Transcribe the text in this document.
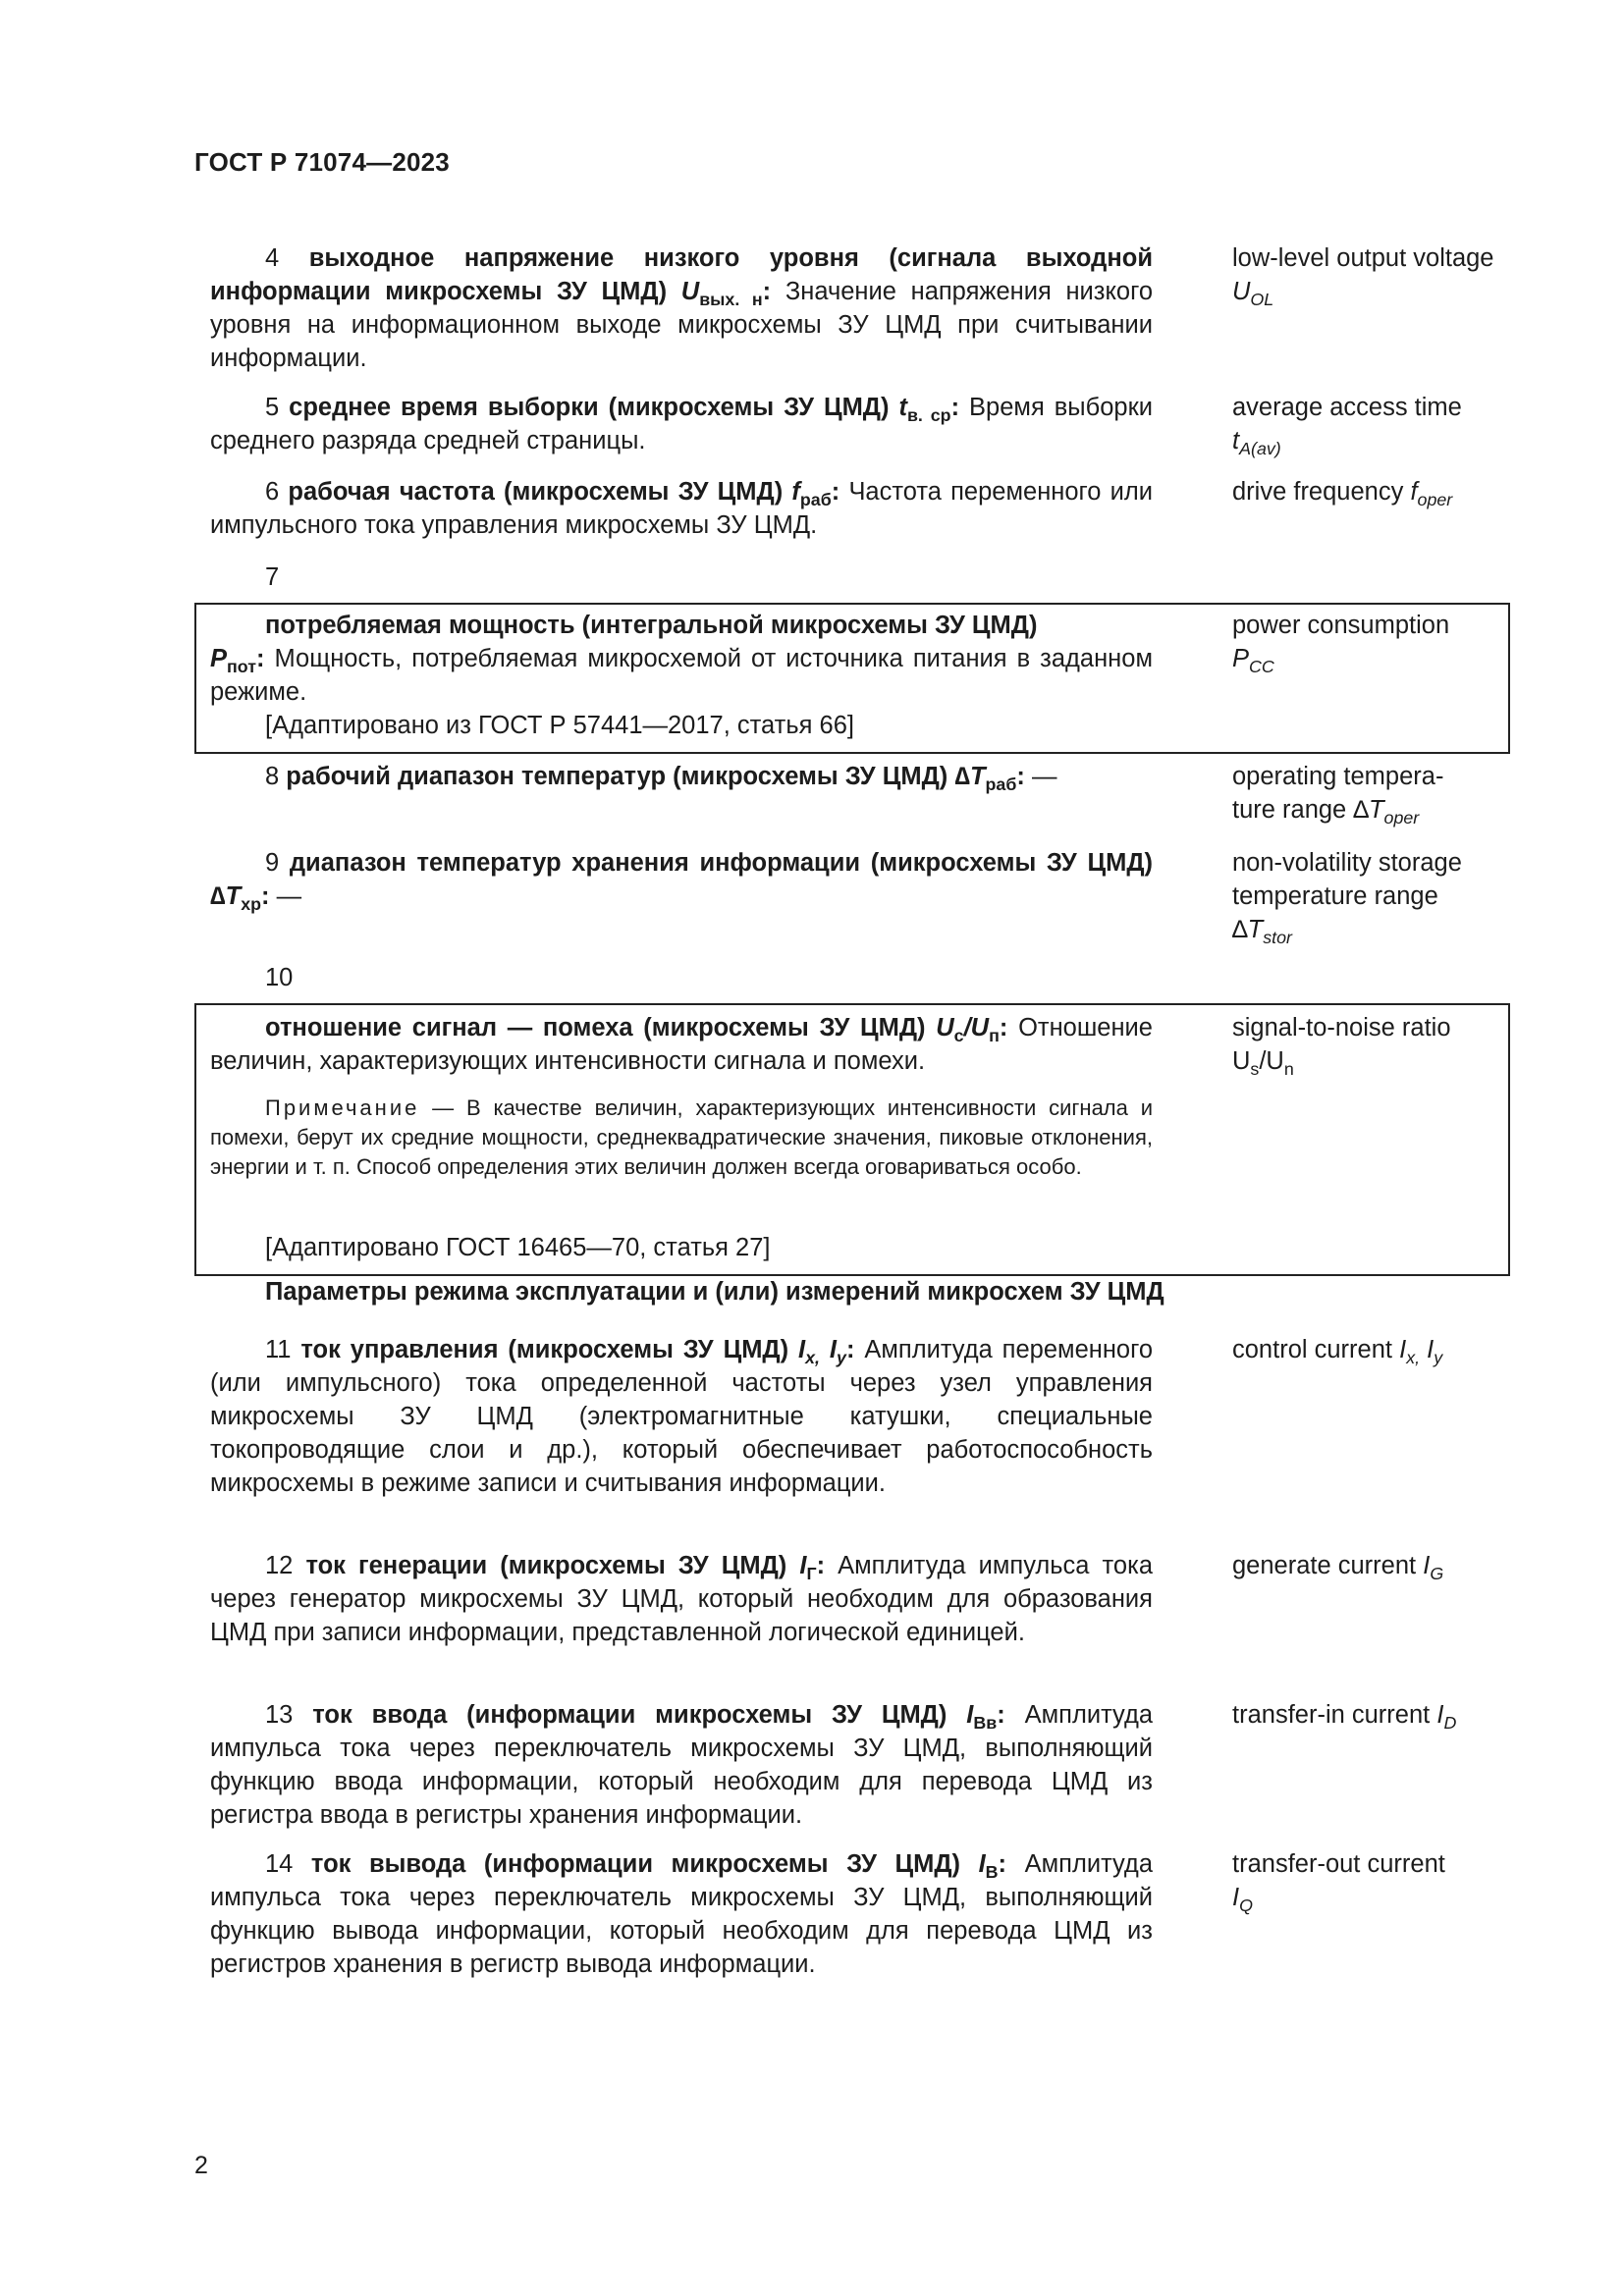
ГОСТ Р 71074—2023
4 выходное напряжение низкого уровня (сигнала выходной информации микросхемы ЗУ ЦМД) $U_{вых. н}$: Значение напряжения низкого уровня на информационном выходе микросхемы ЗУ ЦМД при считывании информации.
low-level output voltage $U_{OL}$
5 среднее время выборки (микросхемы ЗУ ЦМД) $t_{в. ср}$: Время выборки среднего разряда средней страницы.
average access time
$t_{A(av)}$
6 рабочая частота (микросхемы ЗУ ЦМД) $f_{раб}$: Частота переменного или импульсного тока управления микросхемы ЗУ ЦМД.
drive frequency $f_{oper}$
7
потребляемая мощность (интегральной микросхемы ЗУ ЦМД)
$P_{пот}$: Мощность, потребляемая микросхемой от источника питания в заданном режиме.
[Адаптировано из ГОСТ Р 57441—2017, статья 66]
power consumption
$P_{CC}$
8 рабочий диапазон температур (микросхемы ЗУ ЦМД) $\Delta T_{раб}$: —	operating tempera-
ture range $\Delta T_{oper}$
9 диапазон температур хранения информации (микросхемы ЗУ ЦМД) $\Delta T_{хр}$: —
non-volatility storage
temperature range
$\Delta T_{stor}$
10
отношение сигнал — помеха (микросхемы ЗУ ЦМД) $U_с/U_п$: Отношение величин, характеризующих интенсивности сигнала и помехи.
Примечание — В качестве величин, характеризующих интенсивности сигнала и помехи, берут их средние мощности, среднеквадратические значения, пиковые отклонения, энергии и т. п. Способ определения этих величин должен всегда оговариваться особо.
[Адаптировано ГОСТ 16465—70, статья 27]
signal-to-noise ratio
$U_s/U_n$
Параметры режима эксплуатации и (или) измерений микросхем ЗУ ЦМД
11 ток управления (микросхемы ЗУ ЦМД) $I_{x,}$ $I_y$: Амплитуда переменного (или импульсного) тока определенной частоты через узел управления микросхемы ЗУ ЦМД (электромагнитные катушки, специальные токопроводящие слои и др.), который обеспечивает работоспособность микросхемы в режиме записи и считывания информации.
control current $I_{x,}$ $I_y$
12 ток генерации (микросхемы ЗУ ЦМД) $I_Г$: Амплитуда импульса тока через генератор микросхемы ЗУ ЦМД, который необходим для образования ЦМД при записи информации, представленной логической единицей.
generate current $I_G$
13 ток ввода (информации микросхемы ЗУ ЦМД) $I_{Вв}$: Амплитуда импульса тока через переключатель микросхемы ЗУ ЦМД, выполняющий функцию ввода информации, который необходим для перевода ЦМД из регистра ввода в регистры хранения информации.
transfer-in current $I_D$
14 ток вывода (информации микросхемы ЗУ ЦМД) $I_В$: Амплитуда импульса тока через переключатель микросхемы ЗУ ЦМД, выполняющий функцию вывода информации, который необходим для перевода ЦМД из регистров хранения в регистр вывода информации.
transfer-out current
$I_Q$
2
